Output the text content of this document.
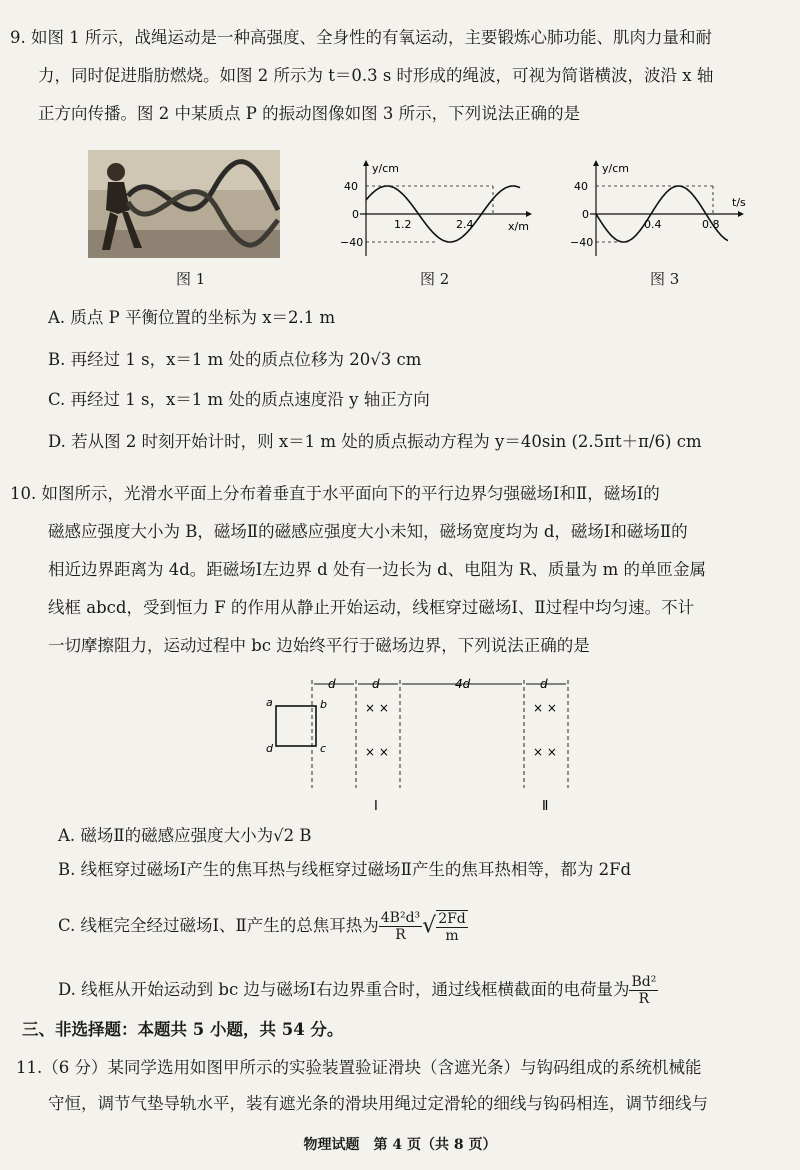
9. 如图 1 所示，战绳运动是一种高强度、全身性的有氧运动，主要锻炼心肺功能、肌肉力量和耐
力，同时促进脂肪燃烧。如图 2 所示为 t＝0.3 s 时形成的绳波，可视为简谐横波，波沿 x 轴
正方向传播。图 2 中某质点 P 的振动图像如图 3 所示，下列说法正确的是
图 1
y/cm
40
−40
0
1.2	2.4	x/m
图 2
y/cm
40
−40
0
0.4	0.8
t/s
图 3
A. 质点 P 平衡位置的坐标为 x＝2.1 m
B. 再经过 1 s，x＝1 m 处的质点位移为 20√3 cm
C. 再经过 1 s，x＝1 m 处的质点速度沿 y 轴正方向
D. 若从图 2 时刻开始计时，则 x＝1 m 处的质点振动方程为 y＝40sin (2.5πt＋π/6) cm
10. 如图所示，光滑水平面上分布着垂直于水平面向下的平行边界匀强磁场Ⅰ和Ⅱ，磁场Ⅰ的
磁感应强度大小为 B，磁场Ⅱ的磁感应强度大小未知，磁场宽度均为 d，磁场Ⅰ和磁场Ⅱ的
相近边界距离为 4d。距磁场Ⅰ左边界 d 处有一边长为 d、电阻为 R、质量为 m 的单匝金属
线框 abcd，受到恒力 F 的作用从静止开始运动，线框穿过磁场Ⅰ、Ⅱ过程中均匀速。不计
一切摩擦阻力，运动过程中 bc 边始终平行于磁场边界，下列说法正确的是
d	d	4d	d
a	b
c
d
× ×
× ×
× ×
× ×
Ⅰ	Ⅱ
A. 磁场Ⅱ的磁感应强度大小为√2 B
B. 线框穿过磁场Ⅰ产生的焦耳热与线框穿过磁场Ⅱ产生的焦耳热相等，都为 2Fd
C. 线框完全经过磁场Ⅰ、Ⅱ产生的总焦耳热为 $\frac{\text{4B²d³}}{R}$ √ $\frac{2Fd}{m}$
D. 线框从开始运动到 bc 边与磁场Ⅰ右边界重合时，通过线框横截面的电荷量为 $\frac{\text{Bd²}}{R}$
三、非选择题：本题共 5 小题，共 54 分。
11.（6 分）某同学选用如图甲所示的实验装置验证滑块（含遮光条）与钩码组成的系统机械能
守恒，调节气垫导轨水平，装有遮光条的滑块用绳过定滑轮的细线与钩码相连，调节细线与
物理试题　第 4 页（共 8 页）
